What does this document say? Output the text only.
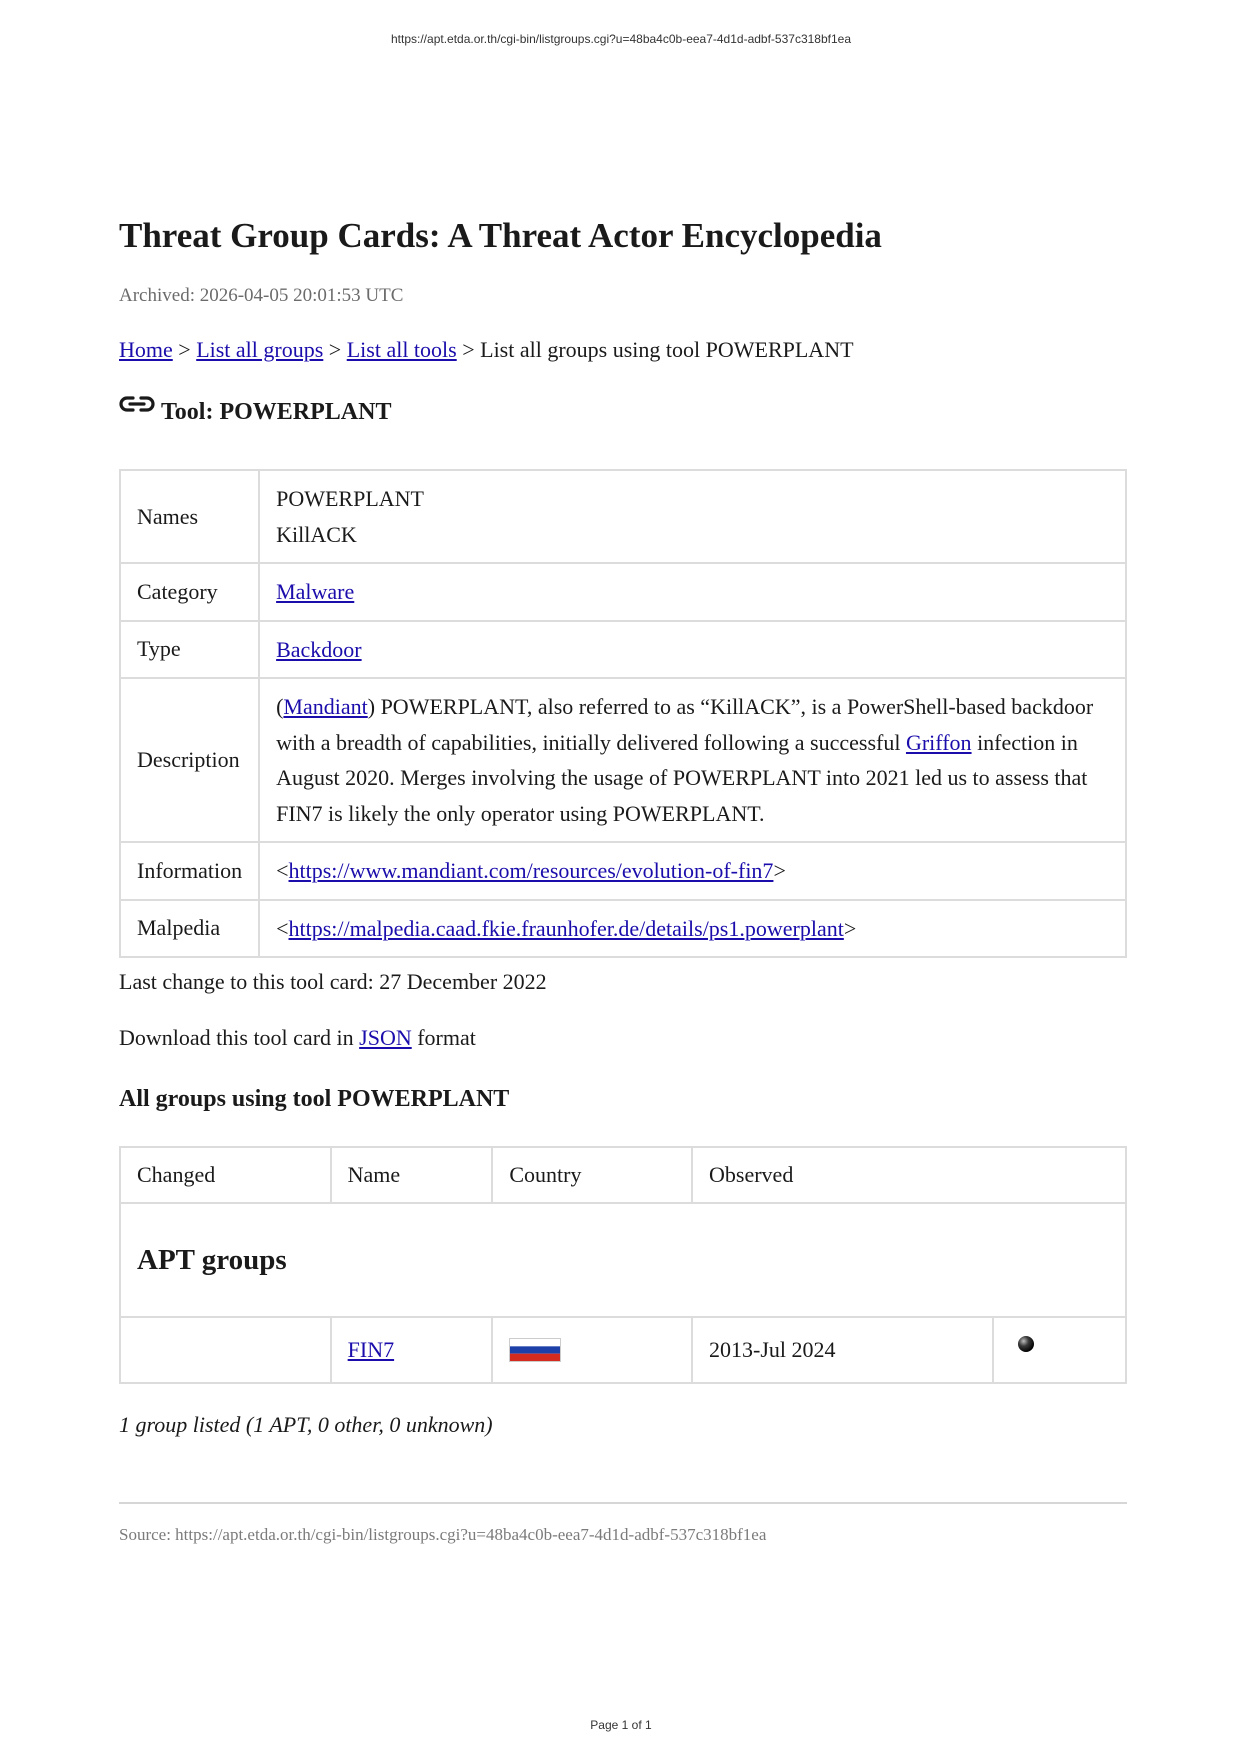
https://apt.etda.or.th/cgi-bin/listgroups.cgi?u=48ba4c0b-eea7-4d1d-adbf-537c318bf1ea
Threat Group Cards: A Threat Actor Encyclopedia
Archived: 2026-04-05 20:01:53 UTC
Home > List all groups > List all tools > List all groups using tool POWERPLANT
Tool: POWERPLANT
Names	POWERPLANT
KillACK

Category	Malware
Type	Backdoor
Description	(Mandiant) POWERPLANT, also referred to as “KillACK”, is a PowerShell-based backdoor with a breadth of capabilities, initially delivered following a successful Griffon infection in August 2020. Merges involving the usage of POWERPLANT into 2021 led us to assess that FIN7 is likely the only operator using POWERPLANT.
Information	<https://www.mandiant.com/resources/evolution-of-fin7>
Malpedia	<https://malpedia.caad.fkie.fraunhofer.de/details/ps1.powerplant>
Last change to this tool card: 27 December 2022
Download this tool card in JSON format
All groups using tool POWERPLANT
Changed	Name	Country	Observed	
APT groups				
	FIN7		2013-Jul 2024	
1 group listed (1 APT, 0 other, 0 unknown)
Source: https://apt.etda.or.th/cgi-bin/listgroups.cgi?u=48ba4c0b-eea7-4d1d-adbf-537c318bf1ea
Page 1 of 1
